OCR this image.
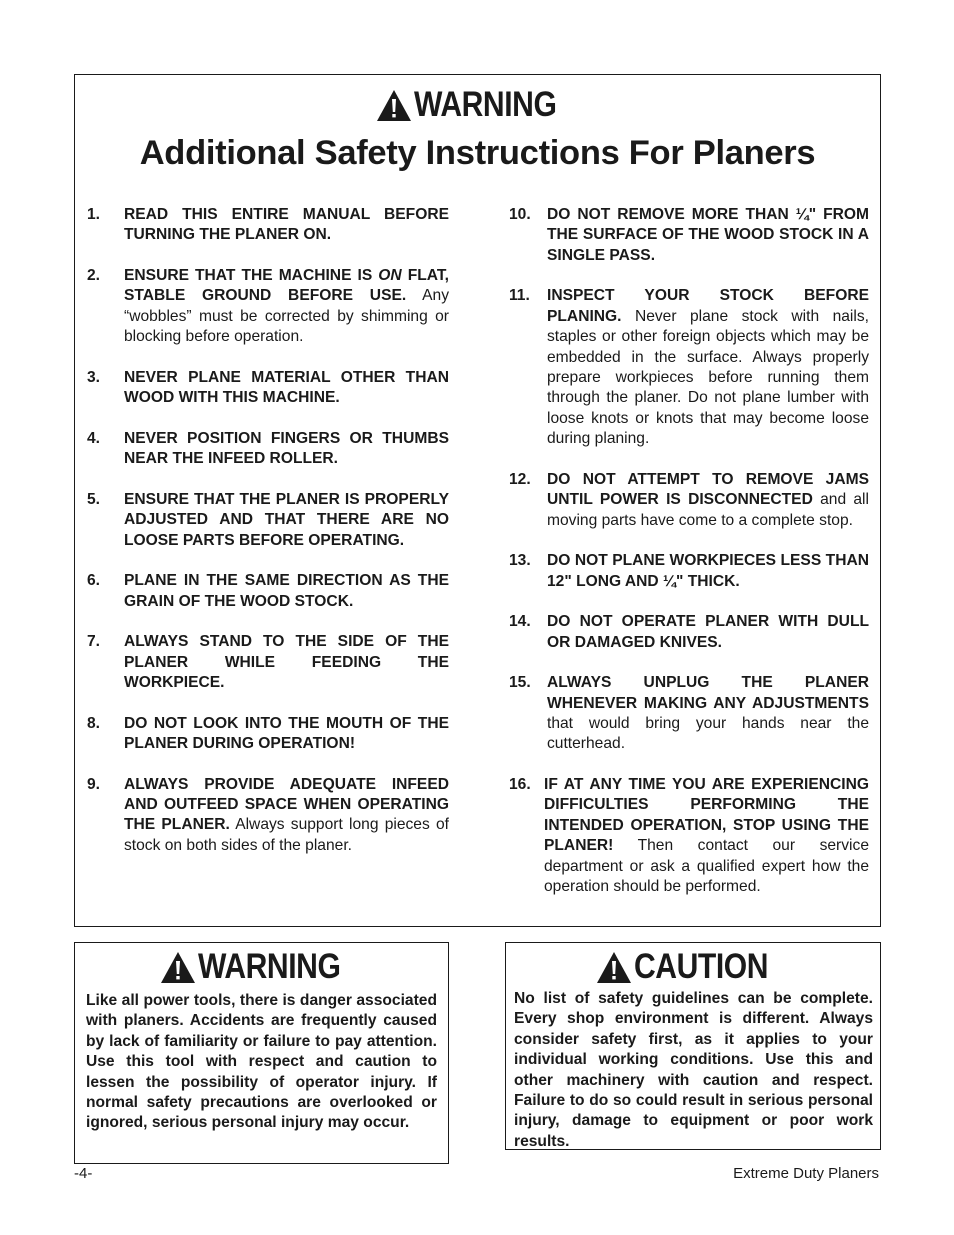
WARNING
Additional Safety Instructions For Planers
1.	READ THIS ENTIRE MANUAL BEFORE TURNING THE PLANER ON.
2.	ENSURE THAT THE MACHINE IS ON FLAT, STABLE GROUND BEFORE USE. Any “wobbles” must be corrected by shimming or blocking before operation.
3.	NEVER PLANE MATERIAL OTHER THAN WOOD WITH THIS MACHINE.
4.	NEVER POSITION FINGERS OR THUMBS NEAR THE INFEED ROLLER.
5.	ENSURE THAT THE PLANER IS PROPERLY ADJUSTED AND THAT THERE ARE NO LOOSE PARTS BEFORE OPERATING.
6.	PLANE IN THE SAME DIRECTION AS THE GRAIN OF THE WOOD STOCK.
7.	ALWAYS STAND TO THE SIDE OF THE PLANER WHILE FEEDING THE WORKPIECE.
8.	DO NOT LOOK INTO THE MOUTH OF THE PLANER DURING OPERATION!
9.	ALWAYS PROVIDE ADEQUATE INFEED AND OUTFEED SPACE WHEN OPERATING THE PLANER. Always support long pieces of stock on both sides of the planer.
10.	DO NOT REMOVE MORE THAN ¼" FROM THE SURFACE OF THE WOOD STOCK IN A SINGLE PASS.
11.	INSPECT YOUR STOCK BEFORE PLANING. Never plane stock with nails, staples or other foreign objects which may be embedded in the surface. Always properly prepare workpieces before running them through the planer. Do not plane lumber with loose knots or knots that may become loose during planing.
12.	DO NOT ATTEMPT TO REMOVE JAMS UNTIL POWER IS DISCONNECTED and all moving parts have come to a complete stop.
13.	DO NOT PLANE WORKPIECES LESS THAN 12" LONG AND ¼" THICK.
14.	DO NOT OPERATE PLANER WITH DULL OR DAMAGED KNIVES.
15.	ALWAYS UNPLUG THE PLANER WHENEVER MAKING ANY ADJUSTMENTS that would bring your hands near the cutterhead.
16. IF AT ANY TIME YOU ARE EXPERIENCING DIFFICULTIES PERFORMING THE INTENDED OPERATION, STOP USING THE PLANER! Then contact our service department or ask a qualified expert how the operation should be performed.
WARNING
Like all power tools, there is danger associated with planers. Accidents are frequently caused by lack of familiarity or failure to pay attention. Use this tool with respect and caution to lessen the possibility of operator injury. If normal safety precautions are overlooked or ignored, serious personal injury may occur.
CAUTION
No list of safety guidelines can be complete. Every shop environment is different. Always consider safety first, as it applies to your individual working conditions. Use this and other machinery with caution and respect. Failure to do so could result in serious personal injury, damage to equipment or poor work results.
-4-	Extreme Duty Planers
